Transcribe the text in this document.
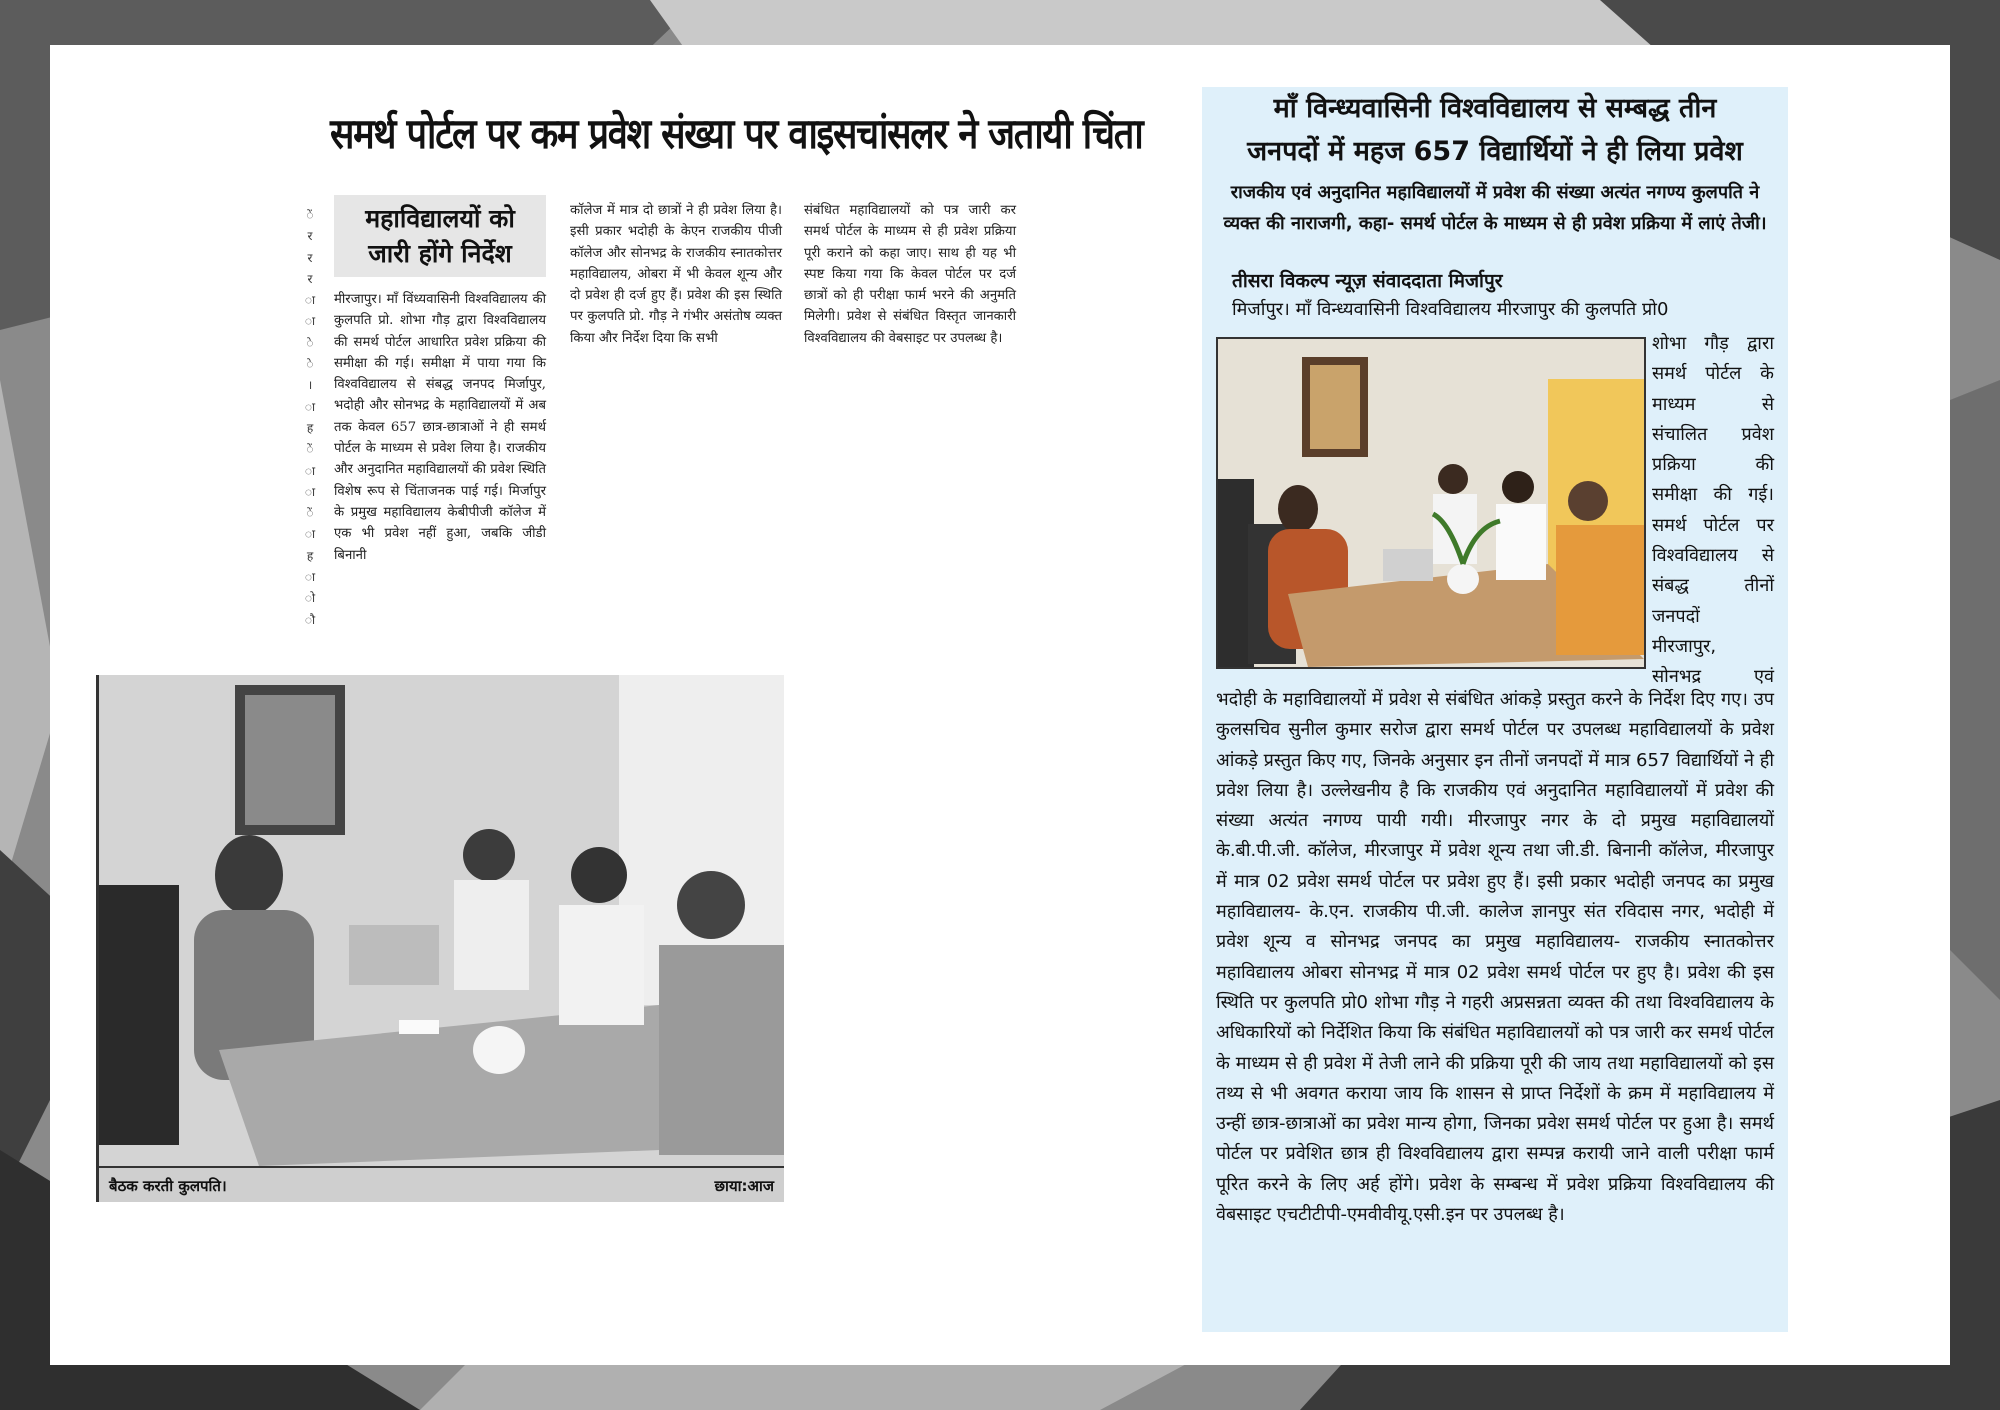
समर्थ पोर्टल पर कम प्रवेश संख्या पर वाइसचांसलर ने जतायी चिंता
ें
र
र
र
ा
ा
े
े
।
ा
ह
ें
ा
ा
ें
ा
ह
ा
ो
ौ
महाविद्यालयों को
जारी होंगे निर्देश

मीरजापुर। माँ विंध्यवासिनी विश्वविद्यालय की कुलपति प्रो. शोभा गौड़ द्वारा विश्वविद्यालय की समर्थ पोर्टल आधारित प्रवेश प्रक्रिया की समीक्षा की गई। समीक्षा में पाया गया कि विश्वविद्यालय से संबद्ध जनपद मिर्जापुर, भदोही और सोनभद्र के महाविद्यालयों में अब तक केवल 657 छात्र-छात्राओं ने ही समर्थ पोर्टल के माध्यम से प्रवेश लिया है। राजकीय और अनुदानित महाविद्यालयों की प्रवेश स्थिति विशेष रूप से चिंताजनक पाई गई। मिर्जापुर के प्रमुख महाविद्यालय केबीपीजी कॉलेज में एक भी प्रवेश नहीं हुआ, जबकि जीडी बिनानी

कॉलेज में मात्र दो छात्रों ने ही प्रवेश लिया है। इसी प्रकार भदोही के केएन राजकीय पीजी कॉलेज और सोनभद्र के राजकीय स्नातकोत्तर महाविद्यालय, ओबरा में भी केवल शून्य और दो प्रवेश ही दर्ज हुए हैं। प्रवेश की इस स्थिति पर कुलपति प्रो. गौड़ ने गंभीर असंतोष व्यक्त किया और निर्देश दिया कि सभी

संबंधित महाविद्यालयों को पत्र जारी कर समर्थ पोर्टल के माध्यम से ही प्रवेश प्रक्रिया पूरी कराने को कहा जाए। साथ ही यह भी स्पष्ट किया गया कि केवल पोर्टल पर दर्ज छात्रों को ही परीक्षा फार्म भरने की अनुमति मिलेगी। प्रवेश से संबंधित विस्तृत जानकारी विश्वविद्यालय की वेबसाइट पर उपलब्ध है।

बैठक करती कुलपति।	छाया:आज
माँ विन्ध्यवासिनी विश्वविद्यालय से सम्बद्ध तीन
जनपदों में महज 657 विद्यार्थियों ने ही लिया प्रवेश

राजकीय एवं अनुदानित महाविद्यालयों में प्रवेश की संख्या अत्यंत नगण्य कुलपति ने व्यक्त की नाराजगी, कहा- समर्थ पोर्टल के माध्यम से ही प्रवेश प्रक्रिया में लाएं तेजी।

तीसरा विकल्प न्यूज़ संवाददाता मिर्जापुर

मिर्जापुर। माँ विन्ध्यवासिनी विश्वविद्यालय मीरजापुर की कुलपति प्रो0

शोभा गौड़ द्वारा
समर्थ पोर्टल के
माध्यम से
संचालित प्रवेश
प्रक्रिया की
समीक्षा की गई।
समर्थ पोर्टल पर
विश्वविद्यालय से
संबद्ध तीनों
जनपदों
मीरजापुर,
सोनभद्र एवं

भदोही के महाविद्यालयों में प्रवेश से संबंधित आंकड़े प्रस्तुत करने के निर्देश दिए गए। उप कुलसचिव सुनील कुमार सरोज द्वारा समर्थ पोर्टल पर उपलब्ध महाविद्यालयों के प्रवेश आंकड़े प्रस्तुत किए गए, जिनके अनुसार इन तीनों जनपदों में मात्र 657 विद्यार्थियों ने ही प्रवेश लिया है। उल्लेखनीय है कि राजकीय एवं अनुदानित महाविद्यालयों में प्रवेश की संख्या अत्यंत नगण्य पायी गयी। मीरजापुर नगर के दो प्रमुख महाविद्यालयों के.बी.पी.जी. कॉलेज, मीरजापुर में प्रवेश शून्य तथा जी.डी. बिनानी कॉलेज, मीरजापुर में मात्र 02 प्रवेश समर्थ पोर्टल पर प्रवेश हुए हैं। इसी प्रकार भदोही जनपद का प्रमुख महाविद्यालय- के.एन. राजकीय पी.जी. कालेज ज्ञानपुर संत रविदास नगर, भदोही में प्रवेश शून्य व सोनभद्र जनपद का प्रमुख महाविद्यालय- राजकीय स्नातकोत्तर महाविद्यालय ओबरा सोनभद्र में मात्र 02 प्रवेश समर्थ पोर्टल पर हुए है। प्रवेश की इस स्थिति पर कुलपति प्रो0 शोभा गौड़ ने गहरी अप्रसन्नता व्यक्त की तथा विश्वविद्यालय के अधिकारियों को निर्देशित किया कि संबंधित महाविद्यालयों को पत्र जारी कर समर्थ पोर्टल के माध्यम से ही प्रवेश में तेजी लाने की प्रक्रिया पूरी की जाय तथा महाविद्यालयों को इस तथ्य से भी अवगत कराया जाय कि शासन से प्राप्त निर्देशों के क्रम में महाविद्यालय में उन्हीं छात्र-छात्राओं का प्रवेश मान्य होगा, जिनका प्रवेश समर्थ पोर्टल पर हुआ है। समर्थ पोर्टल पर प्रवेशित छात्र ही विश्वविद्यालय द्वारा सम्पन्न करायी जाने वाली परीक्षा फार्म पूरित करने के लिए अर्ह होंगे। प्रवेश के सम्बन्ध में प्रवेश प्रक्रिया विश्वविद्यालय की वेबसाइट एचटीटीपी-एमवीवीयू.एसी.इन पर उपलब्ध है।
